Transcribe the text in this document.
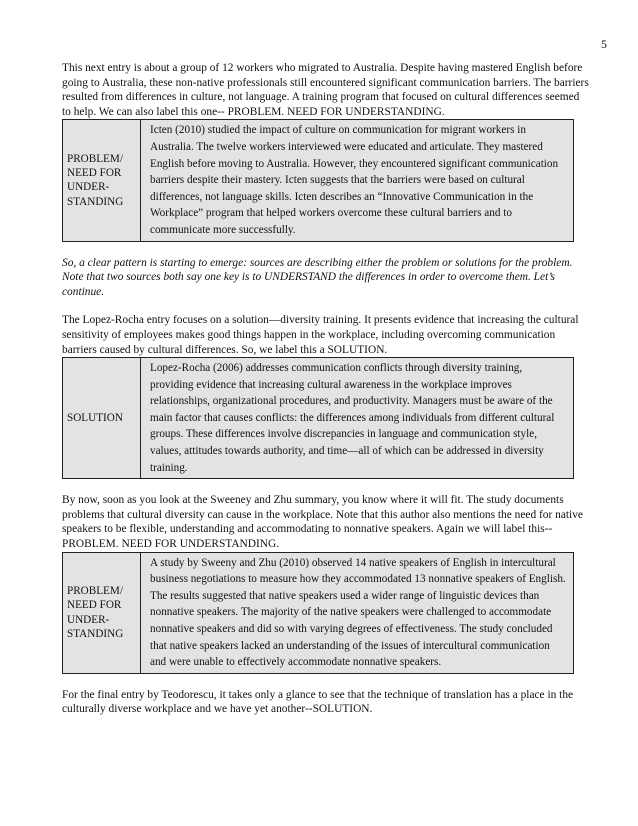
5

This next entry is about a group of 12 workers who migrated to Australia. Despite having mastered English before going to Australia, these non-native professionals still encountered significant communication barriers. The barriers resulted from differences in culture, not language. A training program that focused on cultural differences seemed to help. We can also label this one-- PROBLEM. NEED FOR UNDERSTANDING.

PROBLEM/
NEED FOR
UNDER-
STANDING
Icten (2010) studied the impact of culture on communication for migrant workers in Australia. The twelve workers interviewed were educated and articulate. They mastered English before moving to Australia. However, they encountered significant communication barriers despite their mastery. Icten suggests that the barriers were based on cultural differences, not language skills. Icten describes an “Innovative Communication in the Workplace” program that helped workers overcome these cultural barriers and to communicate more successfully.

So, a clear pattern is starting to emerge: sources are describing either the problem or solutions for the problem. Note that two sources both say one key is to UNDERSTAND the differences in order to overcome them. Let’s continue.

The Lopez-Rocha entry focuses on a solution—diversity training. It presents evidence that increasing the cultural sensitivity of employees makes good things happen in the workplace, including overcoming communication barriers caused by cultural differences. So, we label this a SOLUTION.

SOLUTION
Lopez-Rocha (2006) addresses communication conflicts through diversity training, providing evidence that increasing cultural awareness in the workplace improves relationships, organizational procedures, and productivity. Managers must be aware of the main factor that causes conflicts: the differences among individuals from different cultural groups. These differences involve discrepancies in language and communication style, values, attitudes towards authority, and time—all of which can be addressed in diversity training.

By now, soon as you look at the Sweeney and Zhu summary, you know where it will fit. The study documents problems that cultural diversity can cause in the workplace. Note that this author also mentions the need for native speakers to be flexible, understanding and accommodating to nonnative speakers. Again we will label this-- PROBLEM. NEED FOR UNDERSTANDING.

PROBLEM/
NEED FOR
UNDER-
STANDING
A study by Sweeny and Zhu (2010) observed 14 native speakers of English in intercultural business negotiations to measure how they accommodated 13 nonnative speakers of English. The results suggested that native speakers used a wider range of linguistic devices than nonnative speakers. The majority of the native speakers were challenged to accommodate nonnative speakers and did so with varying degrees of effectiveness. The study concluded that native speakers lacked an understanding of the issues of intercultural communication and were unable to effectively accommodate nonnative speakers.

For the final entry by Teodorescu, it takes only a glance to see that the technique of translation has a place in the culturally diverse workplace and we have yet another--SOLUTION.
